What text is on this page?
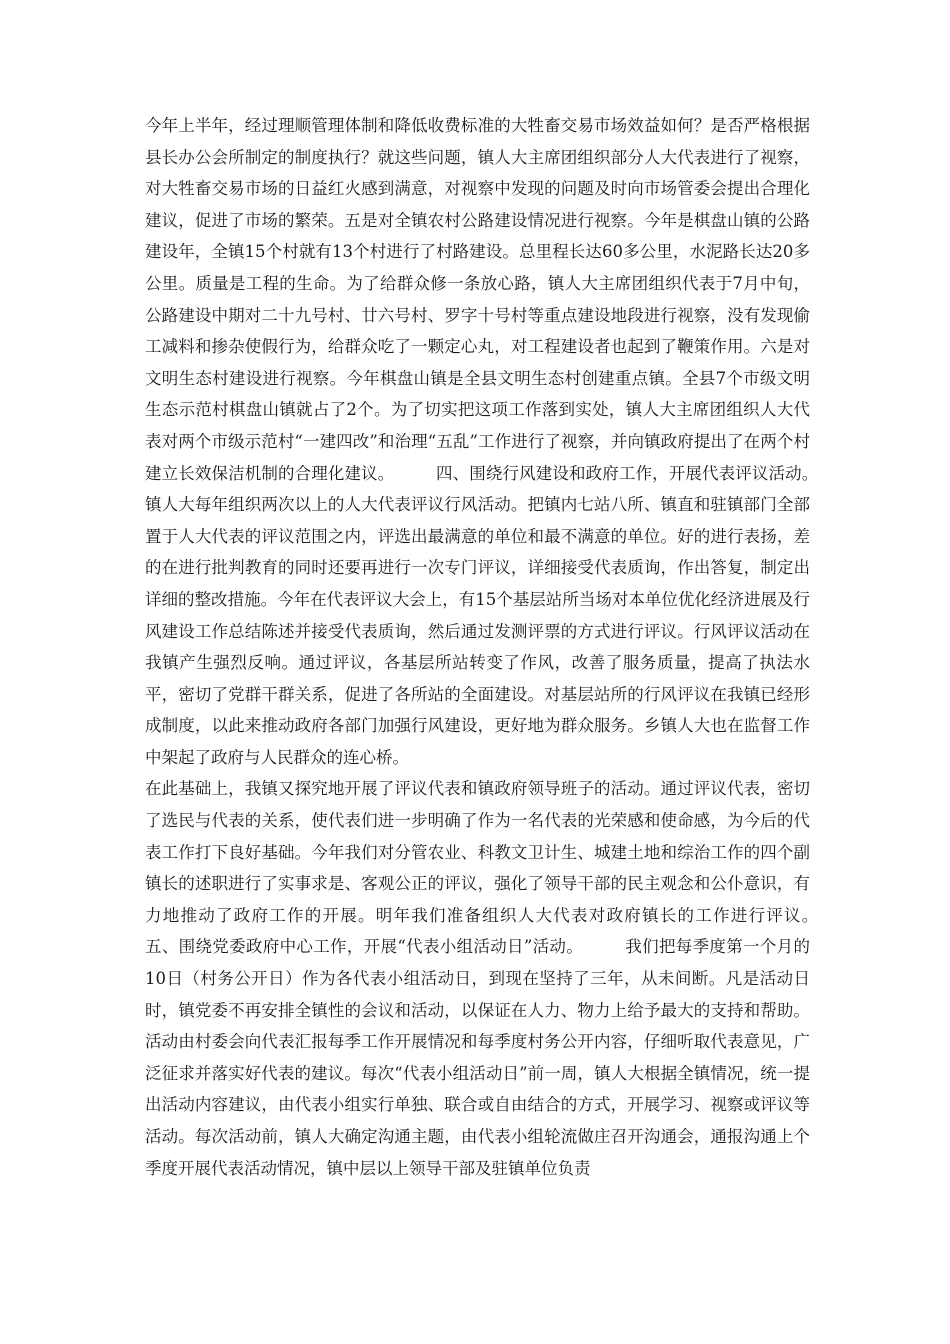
今年上半年，经过理顺管理体制和降低收费标准的大牲畜交易市场效益如何？是否严格根据县长办公会所制定的制度执行？就这些问题，镇人大主席团组织部分人大代表进行了视察，对大牲畜交易市场的日益红火感到满意，对视察中发现的问题及时向市场管委会提出合理化建议，促进了市场的繁荣。五是对全镇农村公路建设情况进行视察。今年是棋盘山镇的公路建设年，全镇15个村就有13个村进行了村路建设。总里程长达60多公里，水泥路长达20多公里。质量是工程的生命。为了给群众修一条放心路，镇人大主席团组织代表于7月中旬，公路建设中期对二十九号村、廿六号村、罗字十号村等重点建设地段进行视察，没有发现偷工减料和掺杂使假行为，给群众吃了一颗定心丸，对工程建设者也起到了鞭策作用。六是对文明生态村建设进行视察。今年棋盘山镇是全县文明生态村创建重点镇。全县7个市级文明生态示范村棋盘山镇就占了2个。为了切实把这项工作落到实处，镇人大主席团组织人大代表对两个市级示范村“一建四改”和治理“五乱”工作进行了视察，并向镇政府提出了在两个村建立长效保洁机制的合理化建议。　　　四、围绕行风建设和政府工作，开展代表评议活动。　　　镇人大每年组织两次以上的人大代表评议行风活动。把镇内七站八所、镇直和驻镇部门全部置于人大代表的评议范围之内，评选出最满意的单位和最不满意的单位。好的进行表扬，差的在进行批判教育的同时还要再进行一次专门评议，详细接受代表质询，作出答复，制定出详细的整改措施。今年在代表评议大会上，有15个基层站所当场对本单位优化经济进展及行风建设工作总结陈述并接受代表质询，然后通过发测评票的方式进行评议。行风评议活动在我镇产生强烈反响。通过评议，各基层所站转变了作风，改善了服务质量，提高了执法水平，密切了党群干群关系，促进了各所站的全面建设。对基层站所的行风评议在我镇已经形成制度，以此来推动政府各部门加强行风建设，更好地为群众服务。乡镇人大也在监督工作中架起了政府与人民群众的连心桥。

在此基础上，我镇又探究地开展了评议代表和镇政府领导班子的活动。通过评议代表，密切了选民与代表的关系，使代表们进一步明确了作为一名代表的光荣感和使命感，为今后的代表工作打下良好基础。今年我们对分管农业、科教文卫计生、城建土地和综治工作的四个副镇长的述职进行了实事求是、客观公正的评议，强化了领导干部的民主观念和公仆意识，有力地推动了政府工作的开展。明年我们准备组织人大代表对政府镇长的工作进行评议。　　　五、围绕党委政府中心工作，开展“代表小组活动日”活动。　　　我们把每季度第一个月的10日（村务公开日）作为各代表小组活动日，到现在坚持了三年，从未间断。凡是活动日时，镇党委不再安排全镇性的会议和活动，以保证在人力、物力上给予最大的支持和帮助。活动由村委会向代表汇报每季工作开展情况和每季度村务公开内容，仔细听取代表意见，广泛征求并落实好代表的建议。每次“代表小组活动日”前一周，镇人大根据全镇情况，统一提出活动内容建议，由代表小组实行单独、联合或自由结合的方式，开展学习、视察或评议等活动。每次活动前，镇人大确定沟通主题，由代表小组轮流做庄召开沟通会，通报沟通上个季度开展代表活动情况，镇中层以上领导干部及驻镇单位负责
